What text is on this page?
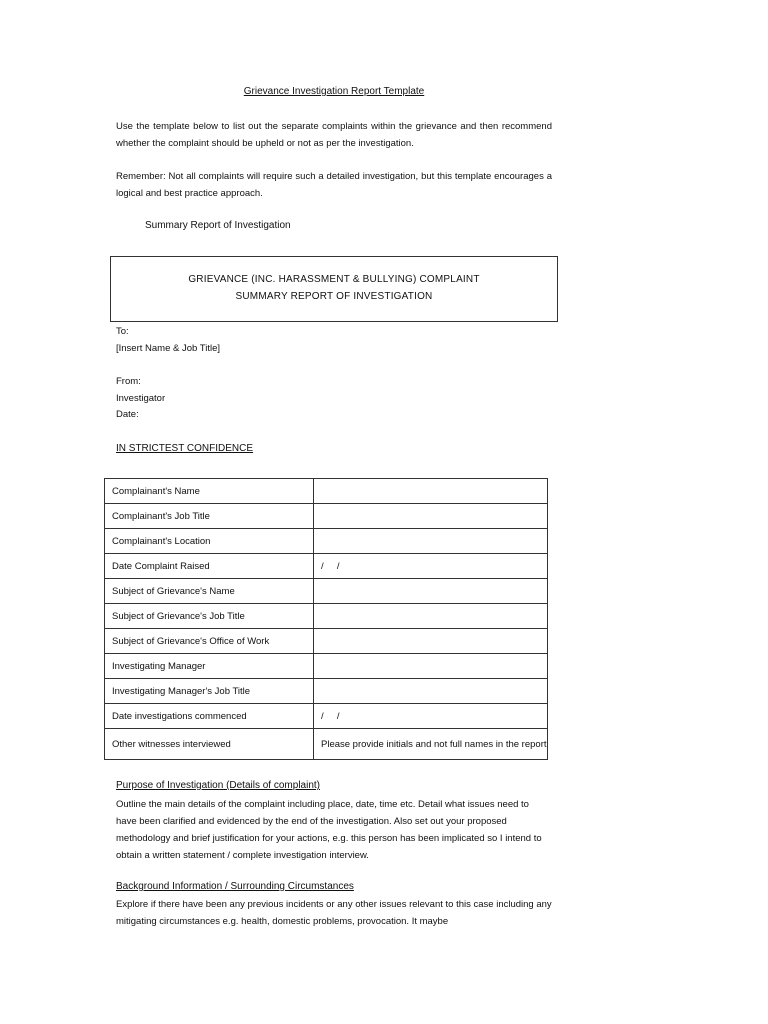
Grievance Investigation Report Template
Use the template below to list out the separate complaints within the grievance and then recommend whether the complaint should be upheld or not as per the investigation.
Remember: Not all complaints will require such a detailed investigation, but this template encourages a logical and best practice approach.
Summary Report of Investigation
GRIEVANCE (INC. HARASSMENT & BULLYING) COMPLAINT
SUMMARY REPORT OF INVESTIGATION
To:
[Insert Name & Job Title]
From:
Investigator
Date:
IN STRICTEST CONFIDENCE
Complainant's Name	
Complainant's Job Title	
Complainant's Location	
Date Complaint Raised	/     /
Subject of Grievance's Name	
Subject of Grievance's Job Title	
Subject of Grievance's Office of Work	
Investigating Manager	
Investigating Manager's Job Title	
Date investigations commenced	/     /
Other witnesses interviewed	Please provide initials and not full names in the report
Purpose of Investigation (Details of complaint)
Outline the main details of the complaint including place, date, time etc. Detail what issues need to have been clarified and evidenced by the end of the investigation. Also set out your proposed methodology and brief justification for your actions, e.g. this person has been implicated so I intend to obtain a written statement / complete investigation interview.
Background Information / Surrounding Circumstances
Explore if there have been any previous incidents or any other issues relevant to this case including any mitigating circumstances e.g. health, domestic problems, provocation. It maybe
